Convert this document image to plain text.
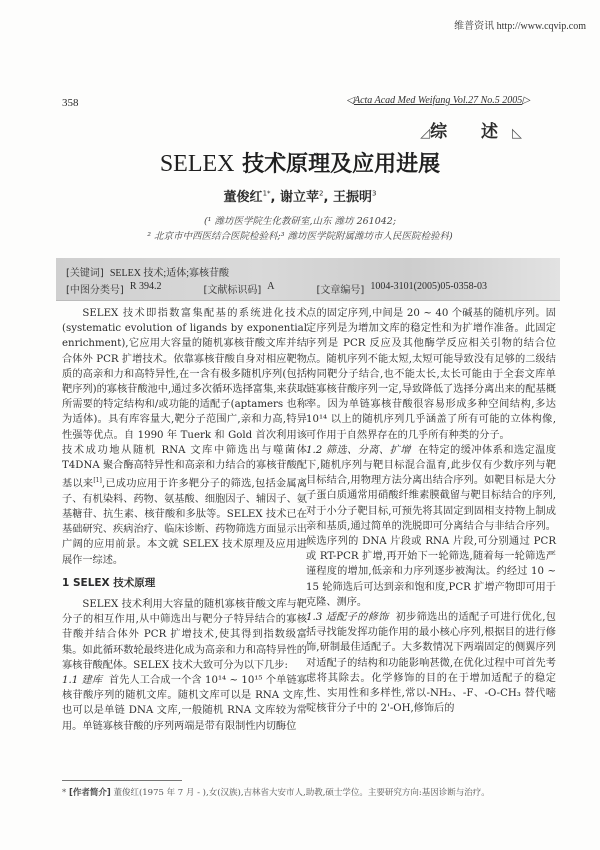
维普资讯 http://www.cqvip.com
358	◁Acta Acad Med Weifang Vol.27 No.5 2005▷
◿综 述◺
SELEX 技术原理及应用进展
董俊红$^{1*}$, 谢立苹$^2$, 王振明$^3$
(¹ 潍坊医学院生化教研室,山东 潍坊 261042;
² 北京市中西医结合医院检验科;³ 潍坊医学院附属潍坊市人民医院检验科)
[关键词] SELEX 技术;适体;寡核苷酸
[中图分类号] R 394.2	[文献标识码] A	[文章编号] 1004-3101(2005)05-0358-03

SELEX 技术即指数富集配基的系统进化技术(systematic evolution of ligands by exponential enrichment),它应用大容量的随机寡核苷酸文库并结合体外 PCR 扩增技术。依靠寡核苷酸自身对相应靶物质的高亲和力和高特异性,在一含有极多随机序列(包括靶序列)的寡核苷酸池中,通过多次循环选择富集,来获取所需要的特定结构和/或功能的适配子(aptamers 也称为适体)。具有库容量大,靶分子范围广,亲和力高,特异性强等优点。自 1990 年 Tuerk 和 Gold 首次利用该技术成功地从随机 RNA 文库中筛选出与噬菌体 T4DNA 聚合酶高特异性和高亲和力结合的寡核苷酸配基以来[1],已成功应用于许多靶分子的筛选,包括金属离子、有机染料、药物、氨基酸、细胞因子、辅因子、氨基糖苷、抗生素、核苷酸和多肽等。SELEX 技术已在基础研究、疾病治疗、临床诊断、药物筛选方面显示出广阔的应用前景。本文就 SELEX 技术原理及应用进展作一综述。

1 SELEX 技术原理

SELEX 技术利用大容量的随机寡核苷酸文库与靶分子的相互作用,从中筛选出与靶分子特异结合的寡核苷酸并结合体外 PCR 扩增技术,使其得到指数级富集。如此循环数轮最终进化成为高亲和力和高特异性的寡核苷酸配体。SELEX 技术大致可分为以下几步:

1.1 建库 首先人工合成一个含 10¹⁴ ~ 10¹⁵ 个单链寡核苷酸序列的随机文库。随机文库可以是 RNA 文库,也可以是单链 DNA 文库,一般随机 RNA 文库较为常用。单链寡核苷酸的序列两端是带有限制性内切酶位

点的固定序列,中间是 20 ~ 40 个碱基的随机序列。固定序列是为增加文库的稳定性和为扩增作准备。此固定序列是 PCR 反应及其他酶学反应相关引物的结合位点。随机序列不能太短,太短可能导致没有足够的二级结构同靶分子结合,也不能太长,太长可能由于全套文库单链寡核苷酸序列一定,导致降低了选择分离出来的配基概率。因为单链寡核苷酸很容易形成多种空间结构,多达 10¹⁴ 以上的随机序列几乎涵盖了所有可能的立体构像,可作用于自然界存在的几乎所有种类的分子。

1.2 筛选、分离、扩增 在特定的缓冲体系和选定温度下,随机序列与靶目标混合温育,此步仅有少数序列与靶目标结合,用物理方法分离出结合序列。如靶目标是大分子蛋白质通常用硝酸纤维素膜截留与靶目标结合的序列,对于小分子靶目标,可预先将其固定到固相支持物上制成亲和基质,通过简单的洗脱即可分离结合与非结合序列。候选序列的 DNA 片段或 RNA 片段,可分别通过 PCR 或 RT-PCR 扩增,再开始下一轮筛选,随着每一轮筛选严谨程度的增加,低亲和力序列逐步被淘汰。约经过 10 ~ 15 轮筛选后可达到亲和饱和度,PCR 扩增产物即可用于克隆、测序。

1.3 适配子的修饰 初步筛选出的适配子可进行优化,包括寻找能发挥功能作用的最小核心序列,根据目的进行修饰,研制最佳适配子。大多数情况下两端固定的侧翼序列对适配子的结构和功能影响甚微,在优化过程中可首先考虑将其除去。化学修饰的目的在于增加适配子的稳定性、实用性和多样性,常以-NH₂、-F、-O-CH₃ 替代嘧啶核苷分子中的 2'-OH,修饰后的

* [作者简介] 董俊红(1975 年 7 月 - ),女(汉族),吉林省大安市人,助教,硕士学位。主要研究方向:基因诊断与治疗。
